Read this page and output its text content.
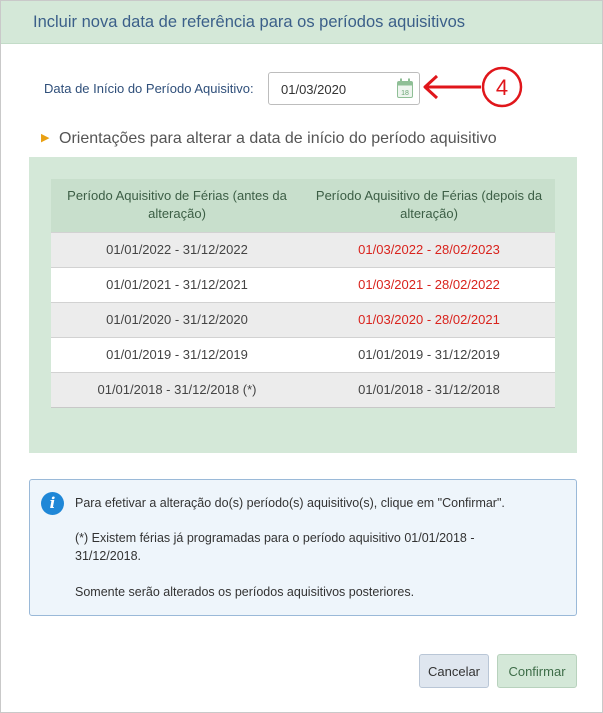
Incluir nova data de referência para os períodos aquisitivos
Data de Início do Período Aquisitivo: 01/03/2020	18	4
▶ Orientações para alterar a data de início do período aquisitivo
Período Aquisitivo de Férias (antes da alteração)	Período Aquisitivo de Férias (depois da alteração)
01/01/2022 - 31/12/2022	01/03/2022 - 28/02/2023
01/01/2021 - 31/12/2021	01/03/2021 - 28/02/2022
01/01/2020 - 31/12/2020	01/03/2020 - 28/02/2021
01/01/2019 - 31/12/2019	01/01/2019 - 31/12/2019
01/01/2018 - 31/12/2018 (*)	01/01/2018 - 31/12/2018
i	Para efetivar a alteração do(s) período(s) aquisitivo(s), clique em "Confirmar".
(*) Existem férias já programadas para o período aquisitivo 01/01/2018 - 31/12/2018.
Somente serão alterados os períodos aquisitivos posteriores.
Cancelar	Confirmar
